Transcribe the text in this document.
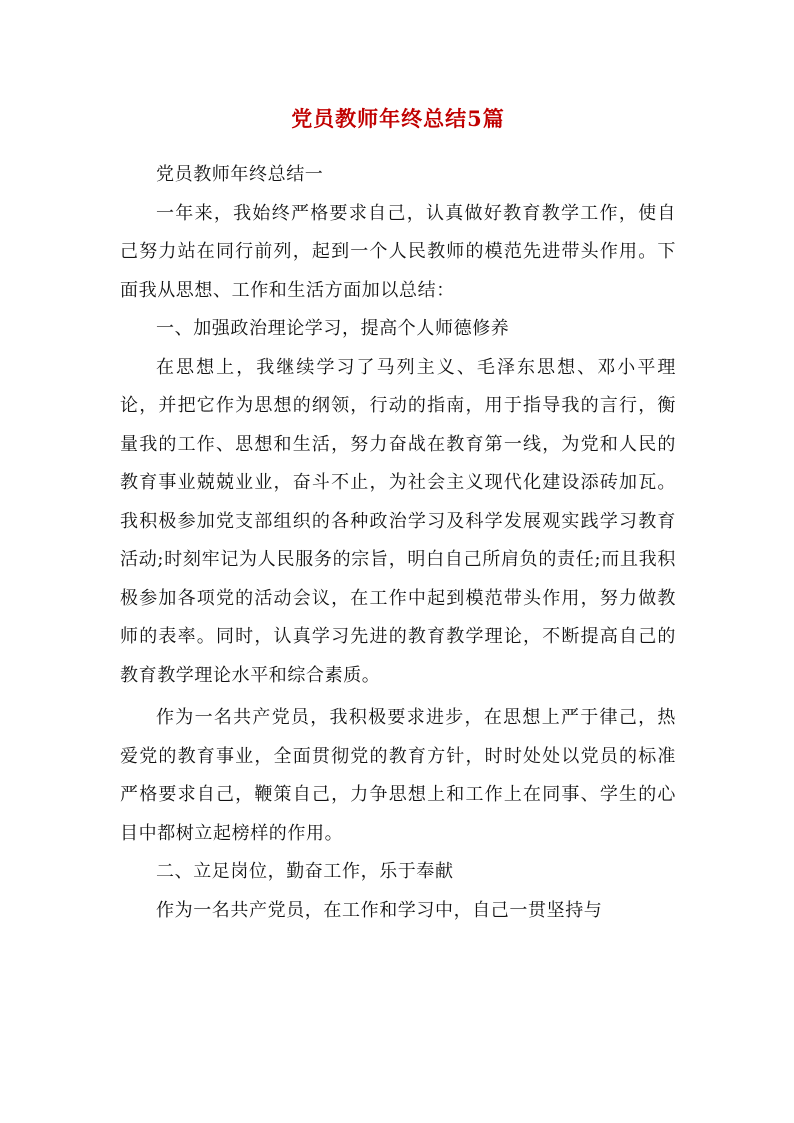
党员教师年终总结5篇

党员教师年终总结一

一年来，我始终严格要求自己，认真做好教育教学工作，使自己努力站在同行前列，起到一个人民教师的模范先进带头作用。下面我从思想、工作和生活方面加以总结：

一、加强政治理论学习，提高个人师德修养

在思想上，我继续学习了马列主义、毛泽东思想、邓小平理论，并把它作为思想的纲领，行动的指南，用于指导我的言行，衡量我的工作、思想和生活，努力奋战在教育第一线，为党和人民的教育事业兢兢业业，奋斗不止，为社会主义现代化建设添砖加瓦。我积极参加党支部组织的各种政治学习及科学发展观实践学习教育活动;时刻牢记为人民服务的宗旨，明白自己所肩负的责任;而且我积极参加各项党的活动会议，在工作中起到模范带头作用，努力做教师的表率。同时，认真学习先进的教育教学理论，不断提高自己的教育教学理论水平和综合素质。

作为一名共产党员，我积极要求进步，在思想上严于律己，热爱党的教育事业，全面贯彻党的教育方针，时时处处以党员的标准严格要求自己，鞭策自己，力争思想上和工作上在同事、学生的心目中都树立起榜样的作用。

二、立足岗位，勤奋工作，乐于奉献

作为一名共产党员，在工作和学习中，自己一贯坚持与
